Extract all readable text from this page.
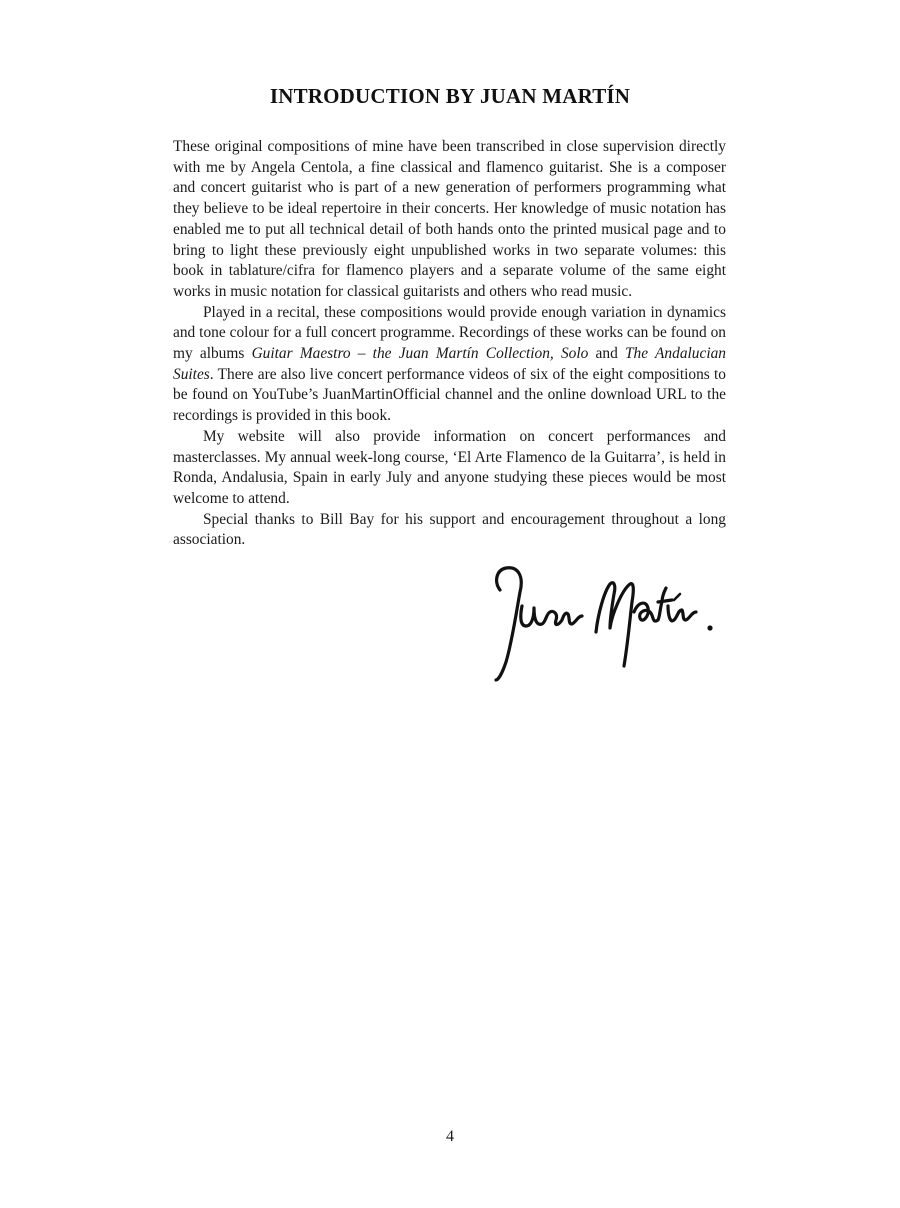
INTRODUCTION BY JUAN MARTÍN

These original compositions of mine have been transcribed in close supervision directly with me by Angela Centola, a fine classical and flamenco guitarist. She is a composer and concert guitarist who is part of a new generation of performers programming what they believe to be ideal repertoire in their concerts. Her knowledge of music notation has enabled me to put all technical detail of both hands onto the printed musical page and to bring to light these previously eight unpublished works in two separate volumes: this book in tablature/cifra for flamenco players and a separate volume of the same eight works in music notation for classical guitarists and others who read music.

Played in a recital, these compositions would provide enough variation in dynamics and tone colour for a full concert programme. Recordings of these works can be found on my albums Guitar Maestro – the Juan Martín Collection, Solo and The Andalucian Suites. There are also live concert performance videos of six of the eight compositions to be found on YouTube’s JuanMartinOfficial channel and the online download URL to the recordings is provided in this book.

My website will also provide information on concert performances and masterclasses. My annual week-long course, ‘El Arte Flamenco de la Guitarra’, is held in Ronda, Andalusia, Spain in early July and anyone studying these pieces would be most welcome to attend.

Special thanks to Bill Bay for his support and encouragement throughout a long association.

4
